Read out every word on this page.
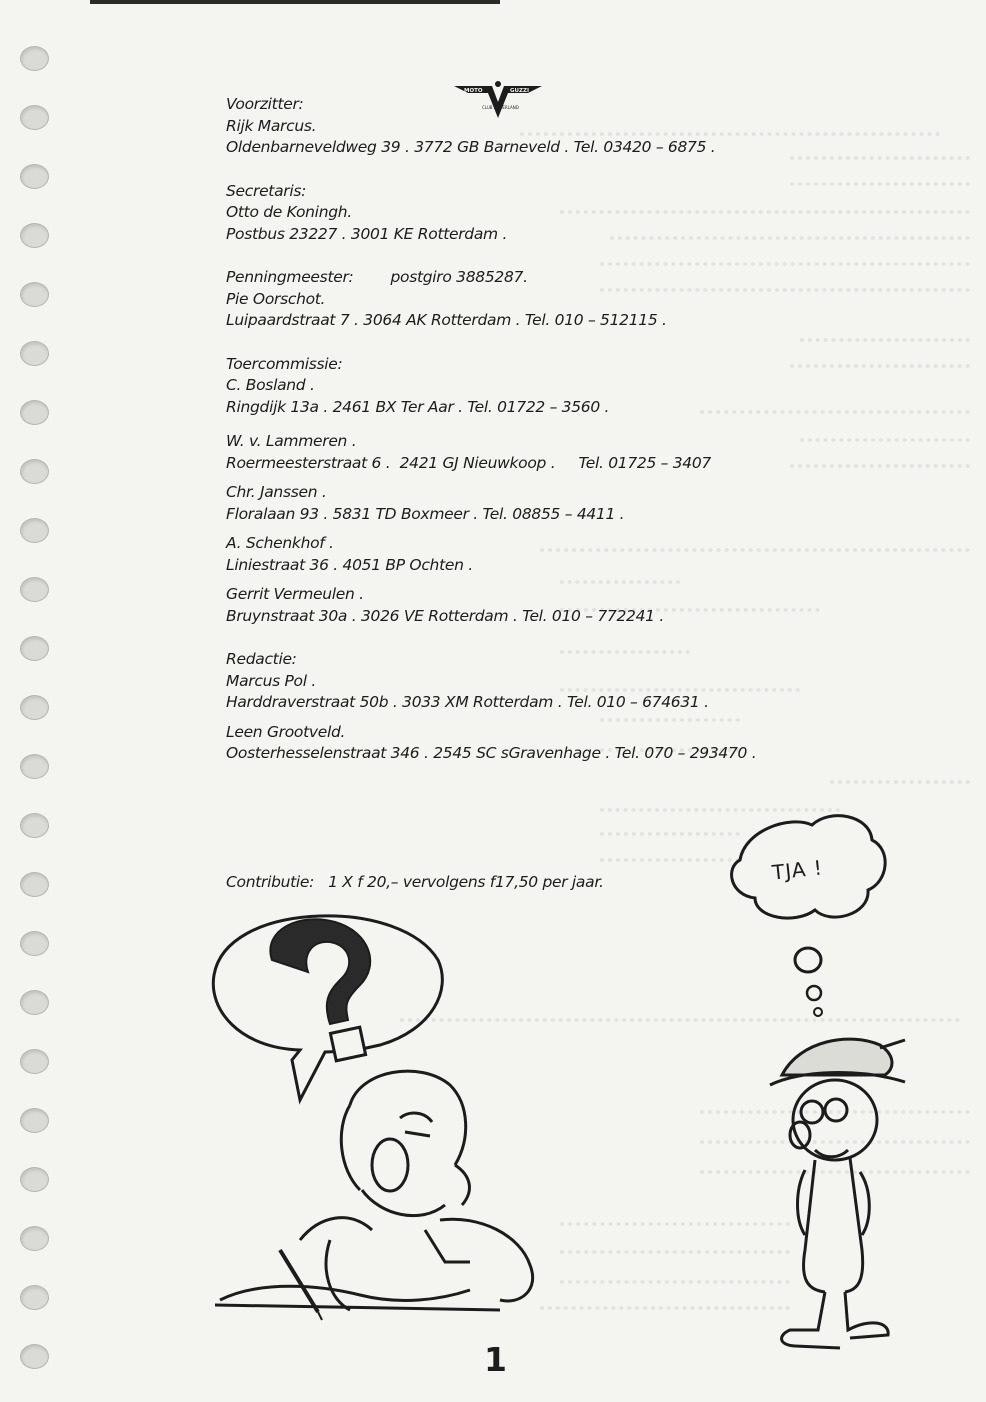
MOTO	GUZZI
CLUB NEDERLAND
Voorzitter:
Rijk Marcus.
Oldenbarneveldweg 39 . 3772 GB Barneveld . Tel. 03420 – 6875 .
Secretaris:
Otto de Koningh.
Postbus 23227 . 3001 KE Rotterdam .
Penningmeester:        postgiro 3885287.
Pie Oorschot.
Luipaardstraat 7 . 3064 AK Rotterdam . Tel. 010 – 512115 .
Toercommissie:
C. Bosland .
Ringdijk 13a . 2461 BX Ter Aar . Tel. 01722 – 3560 .
W. v. Lammeren .
Roermeesterstraat 6 .  2421 GJ Nieuwkoop .     Tel. 01725 – 3407
Chr. Janssen .
Floralaan 93 . 5831 TD Boxmeer . Tel. 08855 – 4411 .
A. Schenkhof .
Liniestraat 36 . 4051 BP Ochten .
Gerrit Vermeulen .
Bruynstraat 30a . 3026 VE Rotterdam . Tel. 010 – 772241 .
Redactie:
Marcus Pol .
Harddraverstraat 50b . 3033 XM Rotterdam . Tel. 010 – 674631 .
Leen Grootveld.
Oosterhesselenstraat 346 . 2545 SC sGravenhage . Tel. 070 – 293470 .
Contributie: 1 X f 20,– vervolgens f17,50 per jaar.	TJA !
1
